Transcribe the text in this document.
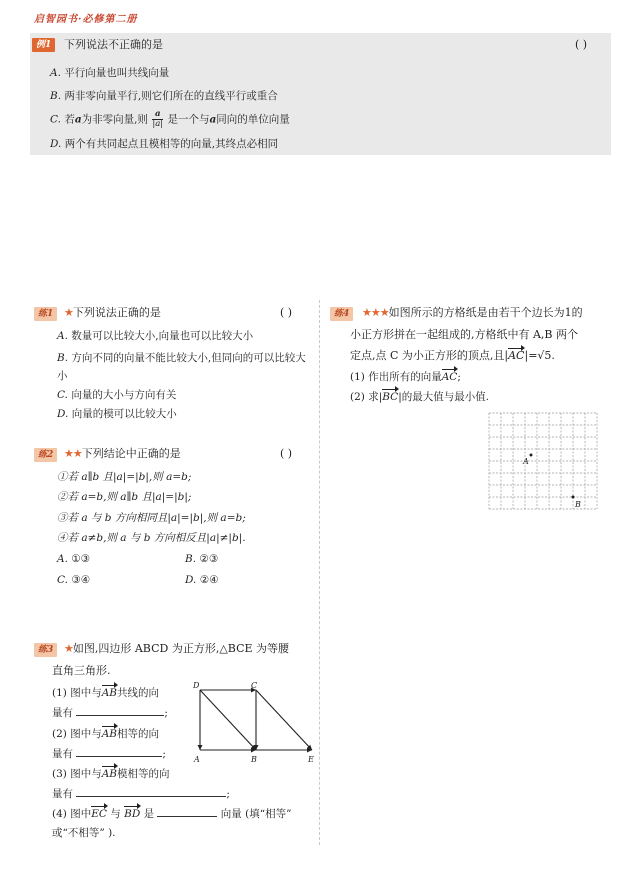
启智园书·必修第二册
例1	下列说法不正确的是	( )
A. 平行向量也叫共线向量
B. 两非零向量平行,则它们所在的直线平行或重合
C. 若a为非零向量,则 $\frac{a}{|a|}$ 是一个与a同向的单位向量
D. 两个有共同起点且模相等的向量,其终点必相同
练1 ★下列说法正确的是	( )
A. 数量可以比较大小,向量也可以比较大小
B. 方向不同的向量不能比较大小,但同向的可以比较大小
C. 向量的大小与方向有关
D. 向量的模可以比较大小
练2 ★★下列结论中正确的是	( )
①若 a∥b 且|a|=|b|,则 a=b;
②若 a=b,则 a∥b 且|a|=|b|;
③若 a 与 b 方向相同且|a|=|b|,则 a=b;
④若 a≠b,则 a 与 b 方向相反且|a|≠|b|.
A. ①③	B. ②③
C. ③④	D. ②④
练3 ★如图,四边形 ABCD 为正方形,△BCE 为等腰
直角三角形.
(1) 图中与AB共线的向
量有	;
(2) 图中与AB相等的向
量有	;
(3) 图中与AB模相等的向
量有	;
(4) 图中EC 与 BD 是	向量 (填“相等”
或“不相等” ).
D	C
A	B	E
练4	★★★如图所示的方格纸是由若干个边长为1的
小正方形拼在一起组成的,方格纸中有 A,B 两个
定点,点 C 为小正方形的顶点,且|AC|=√5.
(1) 作出所有的向量AC;
(2) 求|BC|的最大值与最小值.
A
B
